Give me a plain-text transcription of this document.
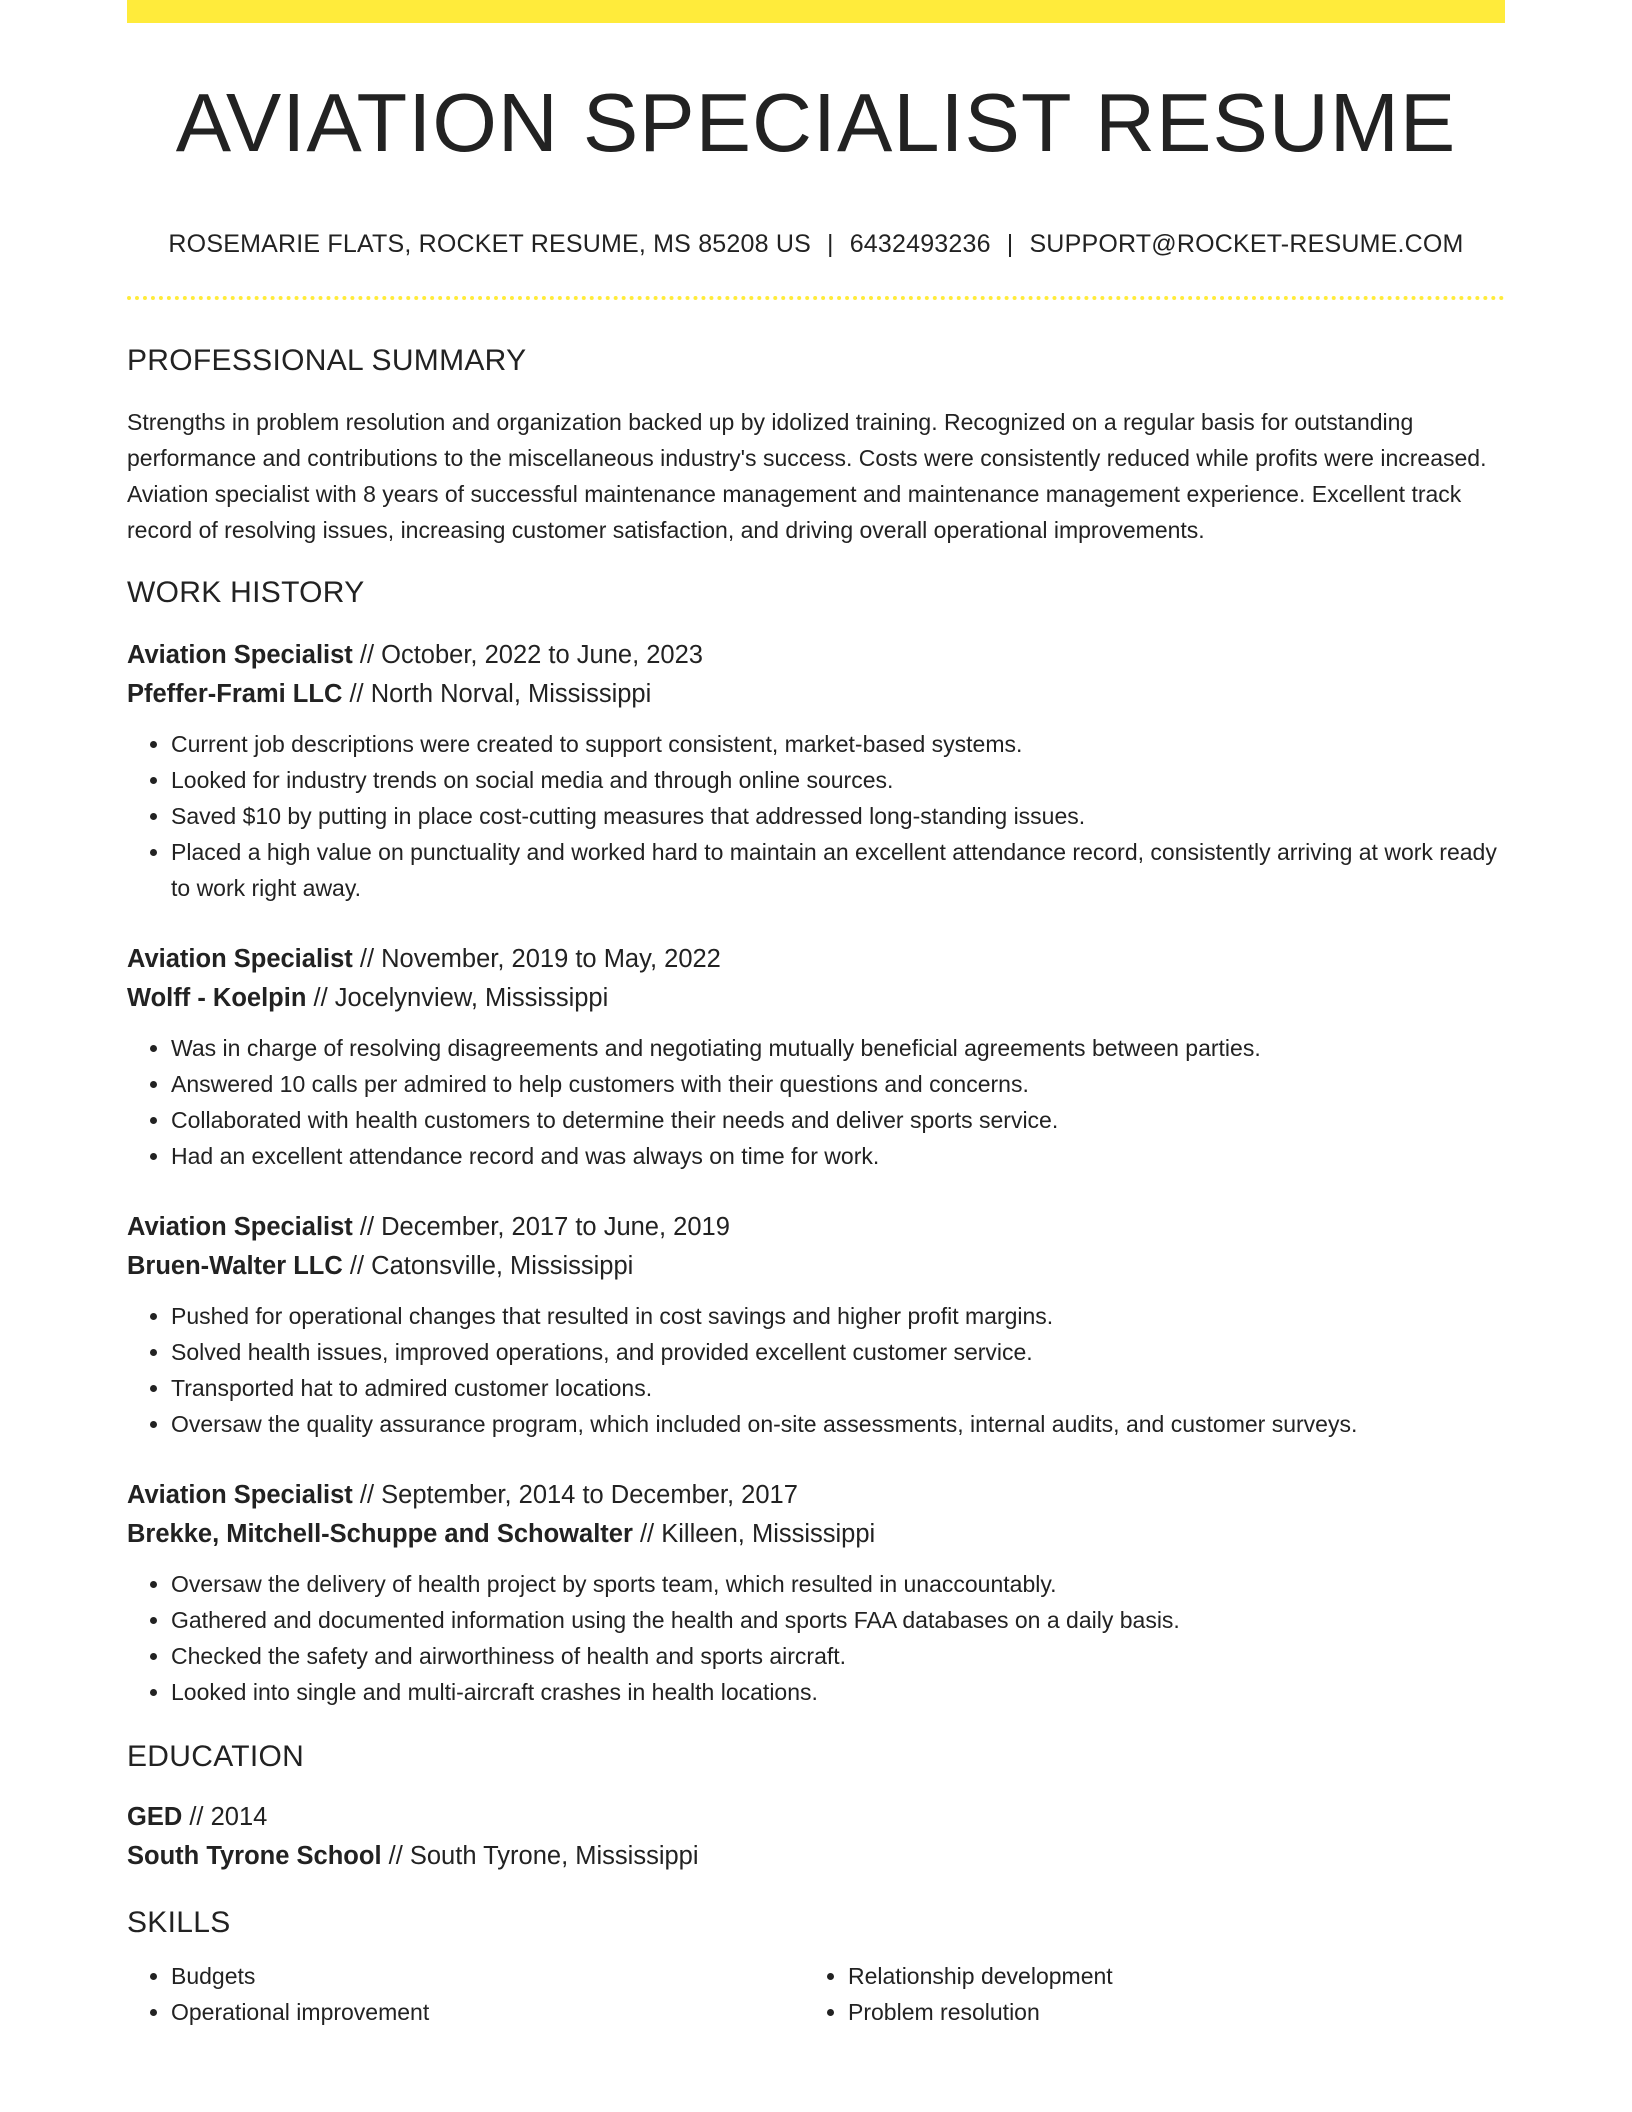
AVIATION SPECIALIST RESUME
ROSEMARIE FLATS, ROCKET RESUME, MS 85208 US | 6432493236 | SUPPORT@ROCKET-RESUME.COM
PROFESSIONAL SUMMARY

Strengths in problem resolution and organization backed up by idolized training. Recognized on a regular basis for outstanding performance and contributions to the miscellaneous industry's success. Costs were consistently reduced while profits were increased. Aviation specialist with 8 years of successful maintenance management and maintenance management experience. Excellent track record of resolving issues, increasing customer satisfaction, and driving overall operational improvements.

WORK HISTORY
Aviation Specialist // October, 2022 to June, 2023
Pfeffer-Frami LLC // North Norval, Mississippi
• Current job descriptions were created to support consistent, market-based systems.
• Looked for industry trends on social media and through online sources.
• Saved $10 by putting in place cost-cutting measures that addressed long-standing issues.
• Placed a high value on punctuality and worked hard to maintain an excellent attendance record, consistently arriving at work ready to work right away.
Aviation Specialist // November, 2019 to May, 2022
Wolff - Koelpin // Jocelynview, Mississippi
• Was in charge of resolving disagreements and negotiating mutually beneficial agreements between parties.
• Answered 10 calls per admired to help customers with their questions and concerns.
• Collaborated with health customers to determine their needs and deliver sports service.
• Had an excellent attendance record and was always on time for work.
Aviation Specialist // December, 2017 to June, 2019
Bruen-Walter LLC // Catonsville, Mississippi
• Pushed for operational changes that resulted in cost savings and higher profit margins.
• Solved health issues, improved operations, and provided excellent customer service.
• Transported hat to admired customer locations.
• Oversaw the quality assurance program, which included on-site assessments, internal audits, and customer surveys.
Aviation Specialist // September, 2014 to December, 2017
Brekke, Mitchell-Schuppe and Schowalter // Killeen, Mississippi
• Oversaw the delivery of health project by sports team, which resulted in unaccountably.
• Gathered and documented information using the health and sports FAA databases on a daily basis.
• Checked the safety and airworthiness of health and sports aircraft.
• Looked into single and multi-aircraft crashes in health locations.
EDUCATION
GED // 2014
South Tyrone School // South Tyrone, Mississippi
SKILLS
• Budgets
• Operational improvement
• Relationship development
• Problem resolution
